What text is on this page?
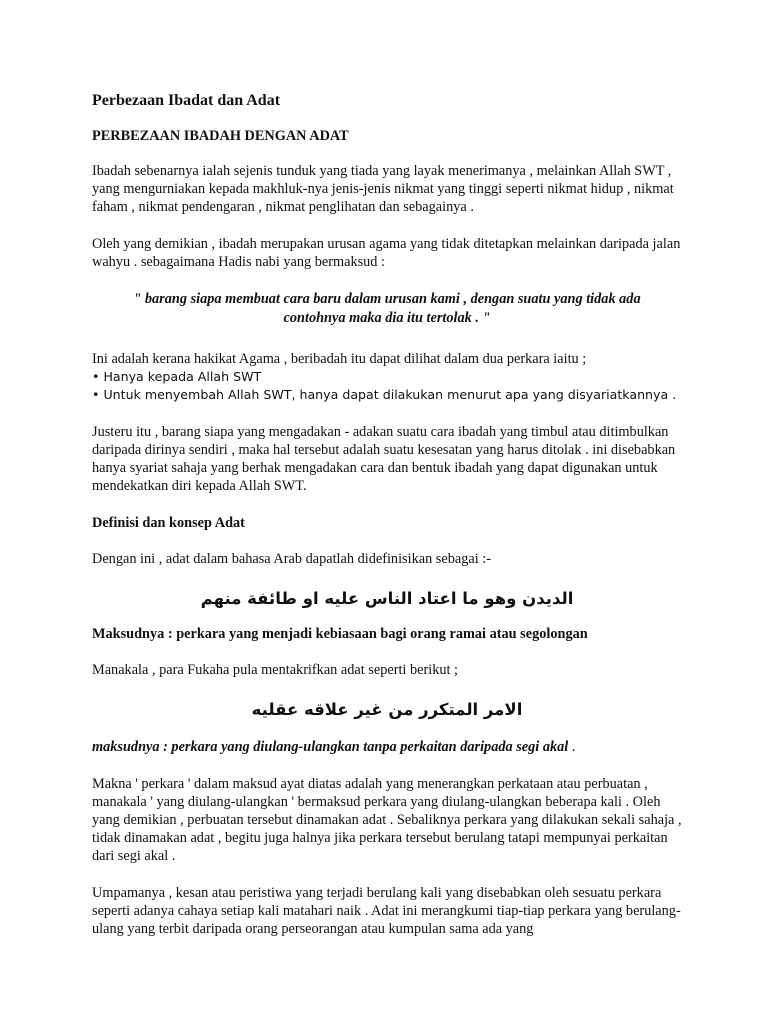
Perbezaan Ibadat dan Adat

PERBEZAAN IBADAH DENGAN ADAT

Ibadah sebenarnya ialah sejenis tunduk yang tiada yang layak menerimanya , melainkan Allah SWT , yang mengurniakan kepada makhluk-nya jenis-jenis nikmat yang tinggi seperti nikmat hidup , nikmat faham , nikmat pendengaran , nikmat penglihatan dan sebagainya .

Oleh yang demikian , ibadah merupakan urusan agama yang tidak ditetapkan melainkan daripada jalan wahyu . sebagaimana Hadis nabi yang bermaksud :

" barang siapa membuat cara baru dalam urusan kami , dengan suatu yang tidak ada contohnya maka dia itu tertolak . "

Ini adalah kerana hakikat Agama , beribadah itu dapat dilihat dalam dua perkara iaitu ;

• Hanya kepada Allah SWT
• Untuk menyembah Allah SWT, hanya dapat dilakukan menurut apa yang disyariatkannya .

Justeru itu , barang siapa yang mengadakan - adakan suatu cara ibadah yang timbul atau ditimbulkan daripada dirinya sendiri , maka hal tersebut adalah suatu kesesatan yang harus ditolak . ini disebabkan hanya syariat sahaja yang berhak mengadakan cara dan bentuk ibadah yang dapat digunakan untuk mendekatkan diri kepada Allah SWT.

Definisi dan konsep Adat

Dengan ini , adat dalam bahasa Arab dapatlah didefinisikan sebagai :-

الديدن وهو ما اعتاد الناس عليه او طائفة منهم

Maksudnya : perkara yang menjadi kebiasaan bagi orang ramai atau segolongan

Manakala , para Fukaha pula mentakrifkan adat seperti berikut ;

الامر المتكرر من غير علاقه عقليه

maksudnya : perkara yang diulang-ulangkan tanpa perkaitan daripada segi akal .

Makna ' perkara ' dalam maksud ayat diatas adalah yang menerangkan perkataan atau perbuatan , manakala ' yang diulang-ulangkan ' bermaksud perkara yang diulang-ulangkan beberapa kali . Oleh yang demikian , perbuatan tersebut dinamakan adat . Sebaliknya perkara yang dilakukan sekali sahaja , tidak dinamakan adat , begitu juga halnya jika perkara tersebut berulang tatapi mempunyai perkaitan dari segi akal .

Umpamanya , kesan atau peristiwa yang terjadi berulang kali yang disebabkan oleh sesuatu perkara seperti adanya cahaya setiap kali matahari naik . Adat ini merangkumi tiap-tiap perkara yang berulang-ulang yang terbit daripada orang perseorangan atau kumpulan sama ada yang
